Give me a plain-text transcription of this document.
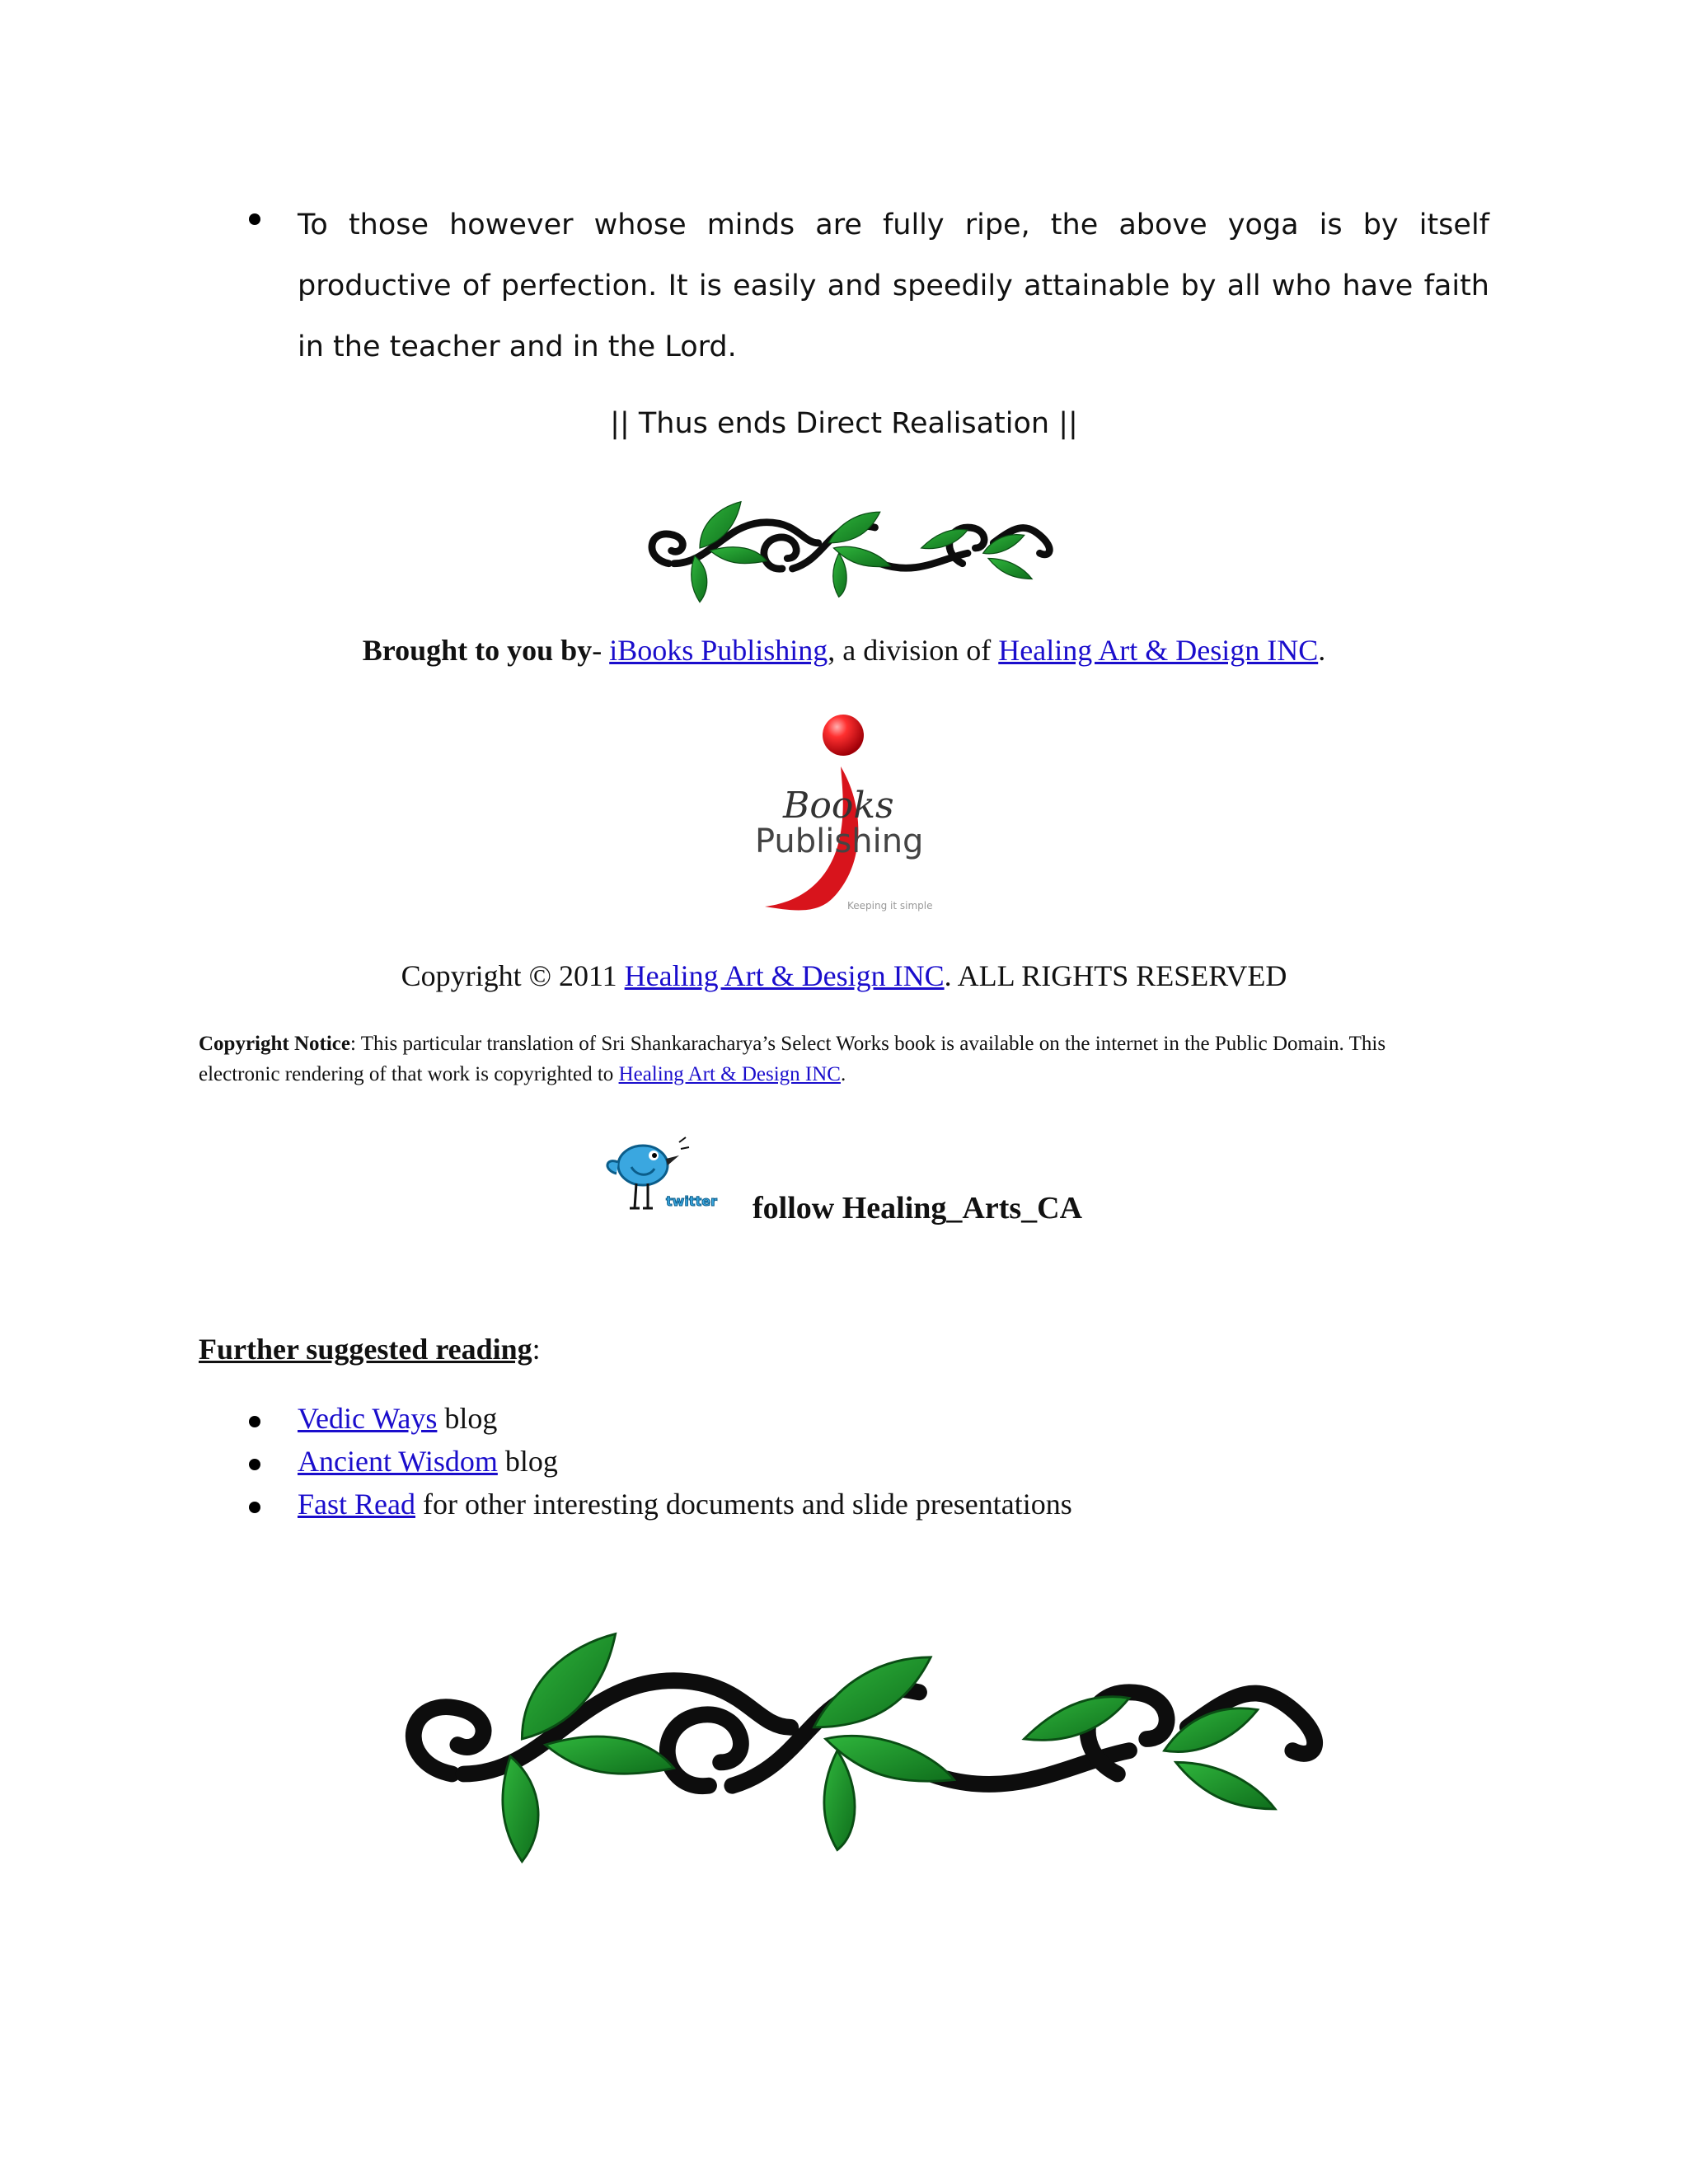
To those however whose minds are fully ripe, the above yoga is by itself productive of perfection. It is easily and speedily attainable by all who have faith in the teacher and in the Lord.
|| Thus ends Direct Realisation ||
Brought to you by- iBooks Publishing, a division of Healing Art & Design INC.
Books
Publishing
Keeping it simple
Copyright © 2011 Healing Art & Design INC. ALL RIGHTS RESERVED
Copyright Notice: This particular translation of Sri Shankaracharya’s Select Works book is available on the internet in the Public Domain. This electronic rendering of that work is copyrighted to Healing Art & Design INC.
twitter follow Healing_Arts_CA
Further suggested reading:
Vedic Ways blog
Ancient Wisdom blog
Fast Read for other interesting documents and slide presentations
